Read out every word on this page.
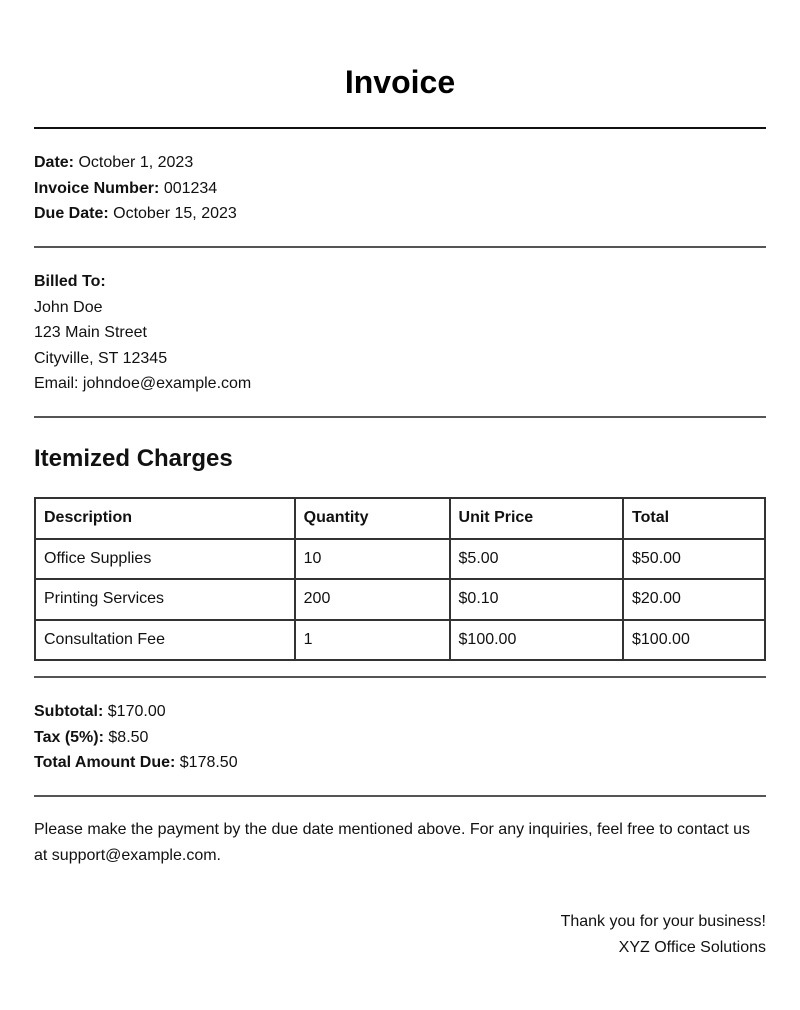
Invoice
Date: October 1, 2023
Invoice Number: 001234
Due Date: October 15, 2023
Billed To:
John Doe
123 Main Street
Cityville, ST 12345
Email: johndoe@example.com
Itemized Charges
Description	Quantity	Unit Price	Total
Office Supplies	10	$5.00	$50.00
Printing Services	200	$0.10	$20.00
Consultation Fee	1	$100.00	$100.00
Subtotal: $170.00
Tax (5%): $8.50
Total Amount Due: $178.50

Please make the payment by the due date mentioned above. For any inquiries, feel free to contact us at support@example.com.

Thank you for your business!
XYZ Office Solutions
